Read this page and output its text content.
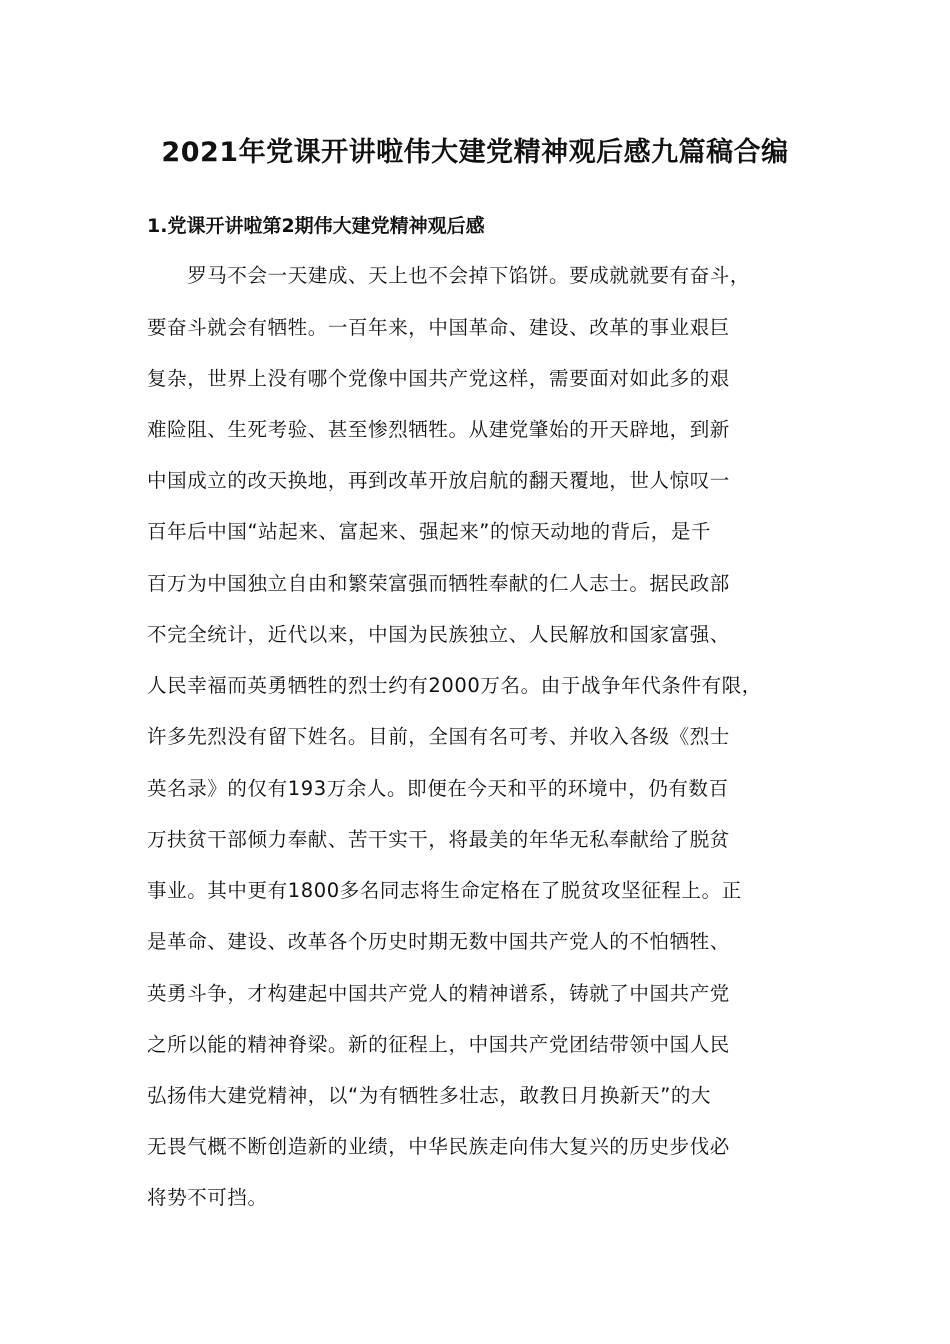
2021年党课开讲啦伟大建党精神观后感九篇稿合编
1.党课开讲啦第2期伟大建党精神观后感

　　罗马不会一天建成、天上也不会掉下馅饼。要成就就要有奋斗，

要奋斗就会有牺牲。一百年来，中国革命、建设、改革的事业艰巨

复杂，世界上没有哪个党像中国共产党这样，需要面对如此多的艰

难险阻、生死考验、甚至惨烈牺牲。从建党肇始的开天辟地，到新

中国成立的改天换地，再到改革开放启航的翻天覆地，世人惊叹一

百年后中国“站起来、富起来、强起来”的惊天动地的背后，是千

百万为中国独立自由和繁荣富强而牺牲奉献的仁人志士。据民政部

不完全统计，近代以来，中国为民族独立、人民解放和国家富强、

人民幸福而英勇牺牲的烈士约有2000万名。由于战争年代条件有限，

许多先烈没有留下姓名。目前，全国有名可考、并收入各级《烈士

英名录》的仅有193万余人。即便在今天和平的环境中，仍有数百

万扶贫干部倾力奉献、苦干实干，将最美的年华无私奉献给了脱贫

事业。其中更有1800多名同志将生命定格在了脱贫攻坚征程上。正

是革命、建设、改革各个历史时期无数中国共产党人的不怕牺牲、

英勇斗争，才构建起中国共产党人的精神谱系，铸就了中国共产党

之所以能的精神脊梁。新的征程上，中国共产党团结带领中国人民

弘扬伟大建党精神，以“为有牺牲多壮志，敢教日月换新天”的大

无畏气概不断创造新的业绩，中华民族走向伟大复兴的历史步伐必

将势不可挡。
